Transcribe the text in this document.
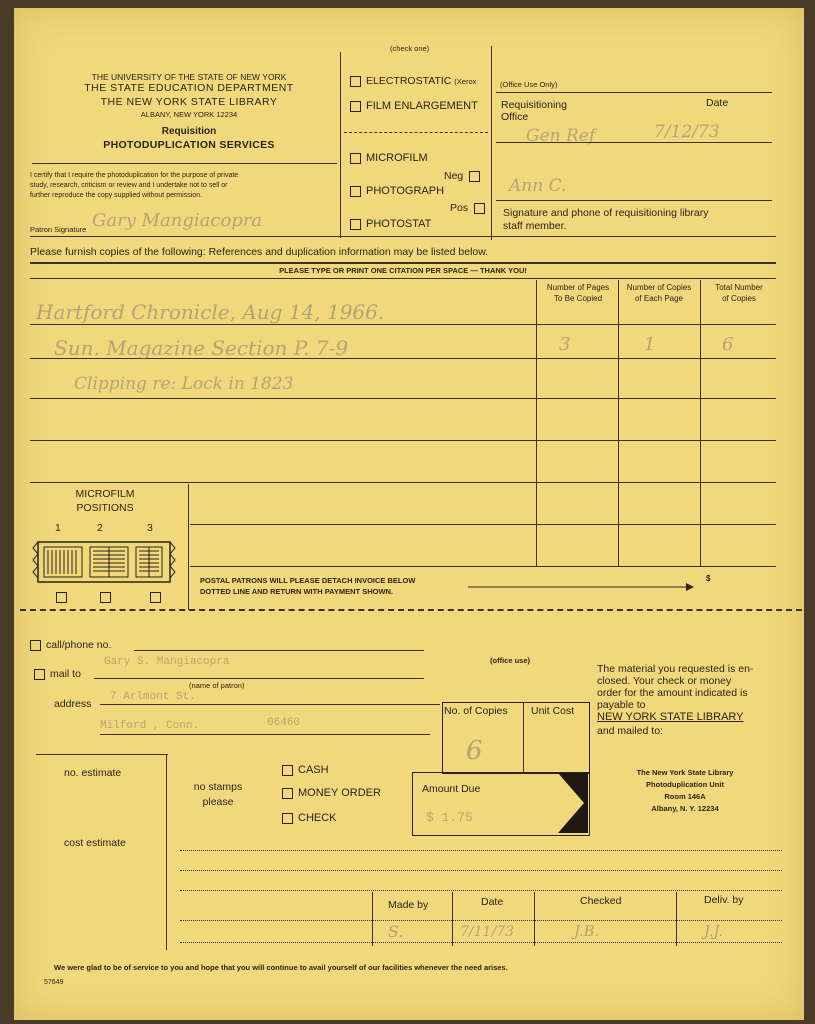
THE UNIVERSITY OF THE STATE OF NEW YORK
THE STATE EDUCATION DEPARTMENT
THE NEW YORK STATE LIBRARY
ALBANY, NEW YORK 12234
Requisition
PHOTODUPLICATION SERVICES
I certify that I require the photoduplication for the purpose of private
study, research, criticism or review and I undertake not to sell or
further reproduce the copy supplied without permission.
Patron Signature Gary Mangiacopra
(check one)
ELECTROSTATIC (Xerox
FILM ENLARGEMENT
MICROFILM
Neg
PHOTOGRAPH
Pos
PHOTOSTAT
(Office Use Only)
Requisitioning
Office
Date
Gen Ref	7/12/73
Ann C.
Signature and phone of requisitioning library
staff member.
Please furnish copies of the following: References and duplication information may be listed below.
PLEASE TYPE OR PRINT ONE CITATION PER SPACE — THANK YOU!
Number of Pages
To Be Copied
Number of Copies
of Each Page
Total Number
of Copies
Hartford Chronicle, Aug 14, 1966.
Sun. Magazine Section P. 7-9	3	1	6
Clipping re: Lock in 1823
MICROFILM
POSITIONS
1	2	3
POSTAL PATRONS WILL PLEASE DETACH INVOICE BELOW
DOTTED LINE AND RETURN WITH PAYMENT SHOWN.
$
call/phone no.
(office use)
mail to
Gary S. Mangiacopra
(name of patron)
address
7 Arlmont St.
Milford , Conn.	06460
No. of Copies Unit Cost
6
The material you requested is en-
closed. Your check or money
order for the amount indicated is
payable to
NEW YORK STATE LIBRARY
and mailed to:
no. estimate
no stamps
please
CASH
MONEY ORDER
CHECK
Amount Due
$ 1.75
The New York State Library
Photoduplication Unit
Room 146A
Albany, N. Y. 12234
cost estimate
Made by	Date	Checked	Deliv. by
S.	7/11/73	J.B.	J.J.
We were glad to be of service to you and hope that you will continue to avail yourself of our facilities whenever the need arises.
57649
